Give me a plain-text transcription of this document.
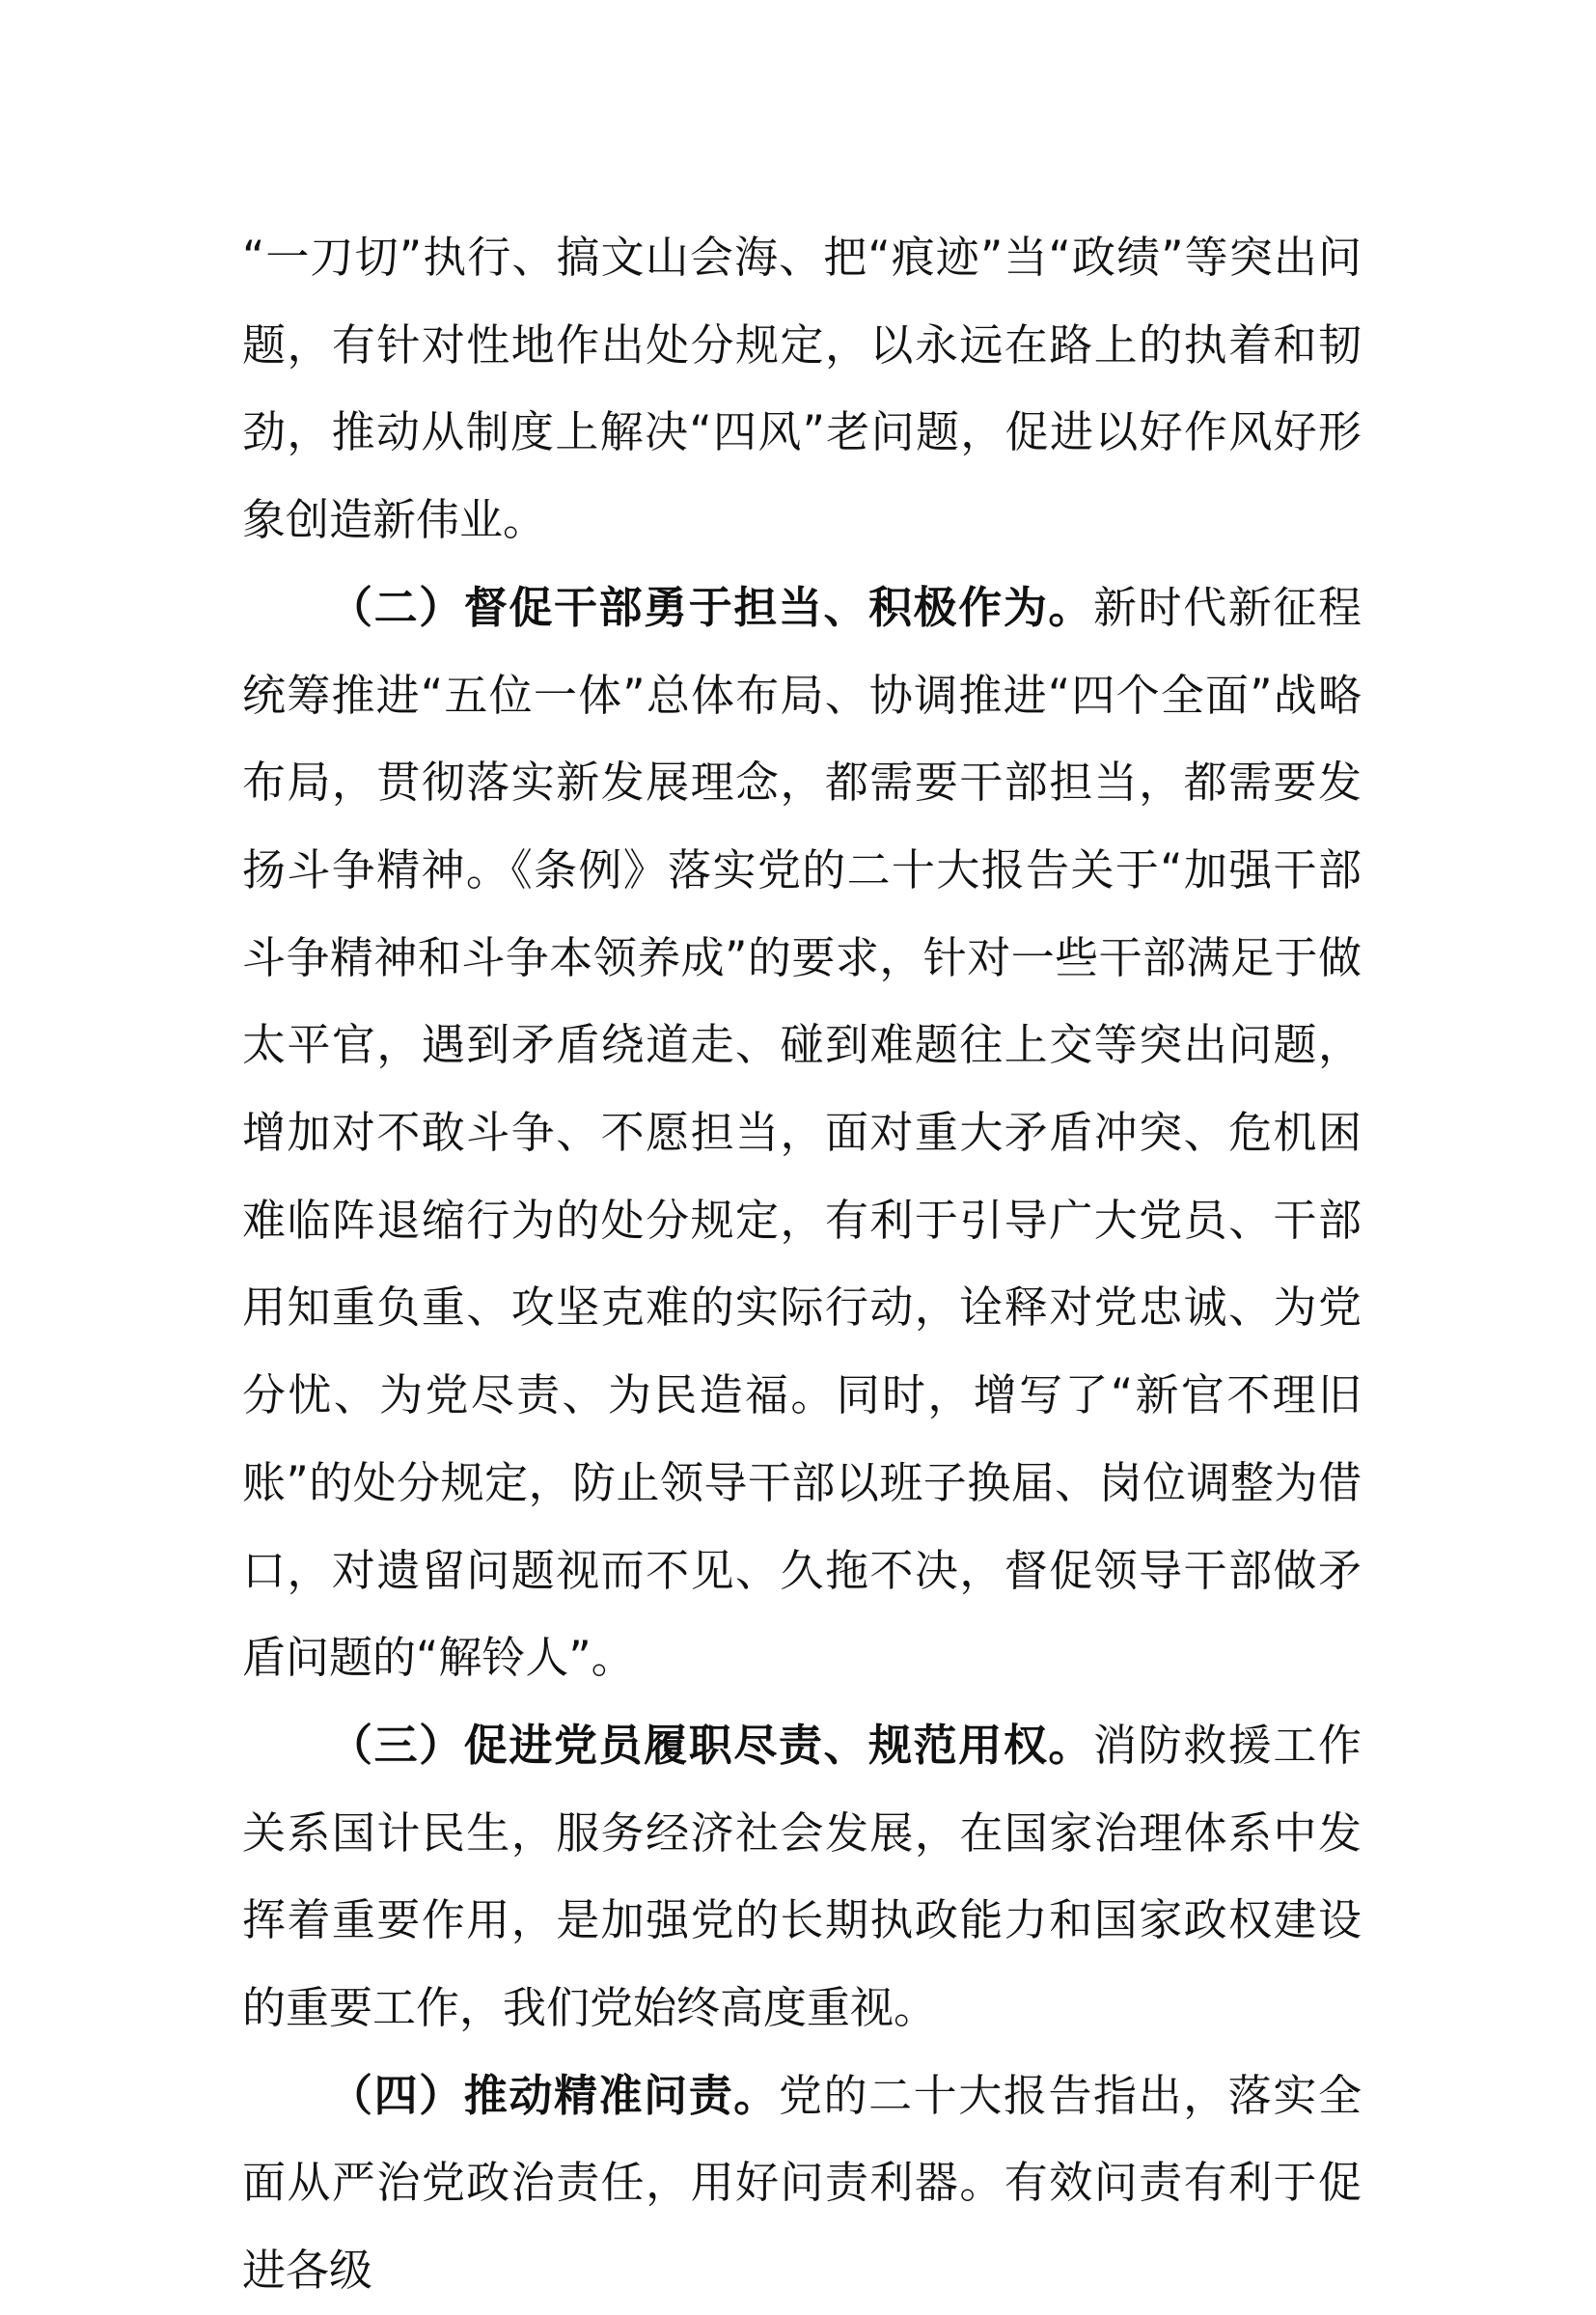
“一刀切”执行、搞文山会海、把“痕迹”当“政绩”等突出问题，有针对性地作出处分规定，以永远在路上的执着和韧劲，推动从制度上解决“四风”老问题，促进以好作风好形象创造新伟业。

（二）督促干部勇于担当、积极作为。新时代新征程统筹推进“五位一体”总体布局、协调推进“四个全面”战略布局，贯彻落实新发展理念，都需要干部担当，都需要发扬斗争精神。《条例》落实党的二十大报告关于“加强干部斗争精神和斗争本领养成”的要求，针对一些干部满足于做太平官，遇到矛盾绕道走、碰到难题往上交等突出问题，增加对不敢斗争、不愿担当，面对重大矛盾冲突、危机困难临阵退缩行为的处分规定，有利于引导广大党员、干部用知重负重、攻坚克难的实际行动，诠释对党忠诚、为党分忧、为党尽责、为民造福。同时，增写了“新官不理旧账”的处分规定，防止领导干部以班子换届、岗位调整为借口，对遗留问题视而不见、久拖不决，督促领导干部做矛盾问题的“解铃人”。

（三）促进党员履职尽责、规范用权。消防救援工作关系国计民生，服务经济社会发展，在国家治理体系中发挥着重要作用，是加强党的长期执政能力和国家政权建设的重要工作，我们党始终高度重视。

（四）推动精准问责。党的二十大报告指出，落实全面从严治党政治责任，用好问责利器。有效问责有利于促进各级
